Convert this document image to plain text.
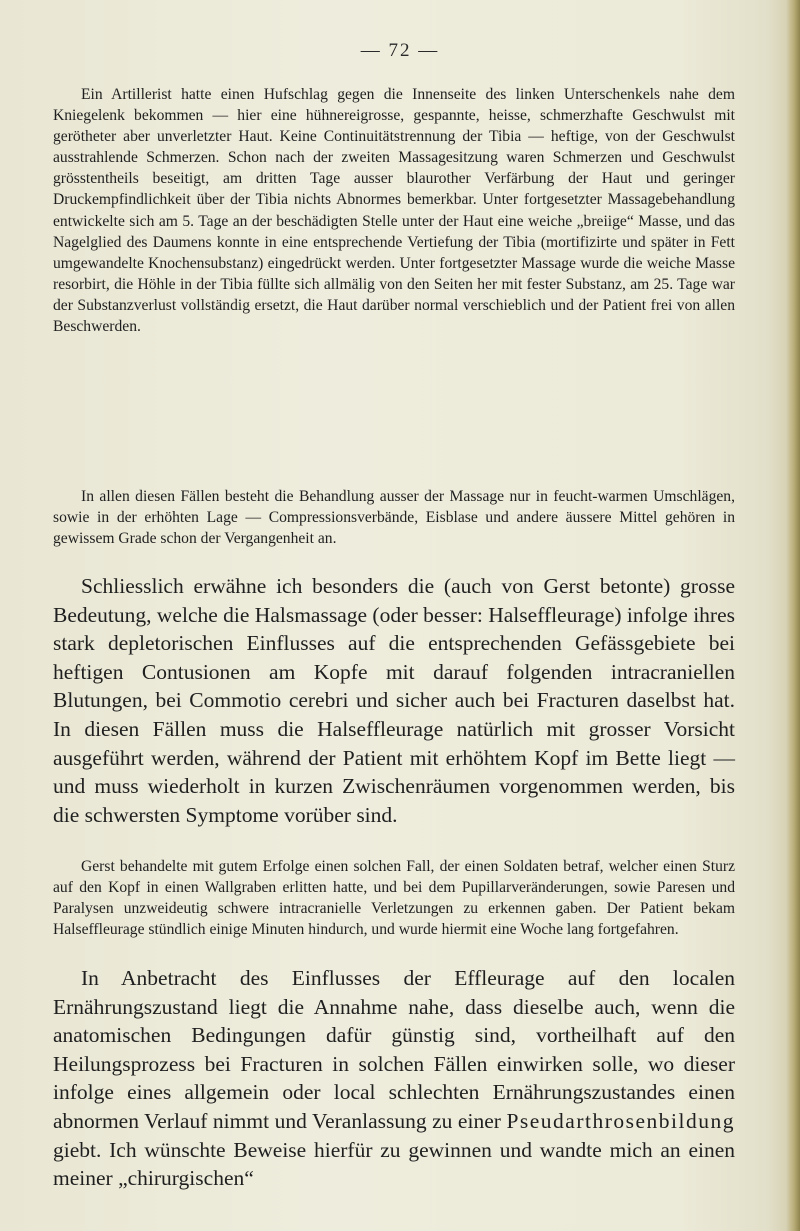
— 72 —

Ein Artillerist hatte einen Hufschlag gegen die Innenseite des linken Unterschenkels nahe dem Kniegelenk bekommen — hier eine hühnereigrosse, gespannte, heisse, schmerzhafte Geschwulst mit gerötheter aber unverletzter Haut. Keine Continuitätstrennung der Tibia — heftige, von der Geschwulst ausstrahlende Schmerzen. Schon nach der zweiten Massagesitzung waren Schmerzen und Geschwulst grösstentheils beseitigt, am dritten Tage ausser blaurother Verfärbung der Haut und geringer Druckempfindlichkeit über der Tibia nichts Abnormes bemerkbar. Unter fortgesetzter Massagebehandlung entwickelte sich am 5. Tage an der beschädigten Stelle unter der Haut eine weiche „breiige“ Masse, und das Nagelglied des Daumens konnte in eine entsprechende Vertiefung der Tibia (mortifizirte und später in Fett umgewandelte Knochensubstanz) eingedrückt werden. Unter fortgesetzter Massage wurde die weiche Masse resorbirt, die Höhle in der Tibia füllte sich allmälig von den Seiten her mit fester Substanz, am 25. Tage war der Substanzverlust vollständig ersetzt, die Haut darüber normal verschieblich und der Patient frei von allen Beschwerden.

In allen diesen Fällen besteht die Behandlung ausser der Massage nur in feucht-warmen Umschlägen, sowie in der erhöhten Lage — Compressionsverbände, Eisblase und andere äussere Mittel gehören in gewissem Grade schon der Vergangenheit an.

Schliesslich erwähne ich besonders die (auch von Gerst betonte) grosse Bedeutung, welche die Halsmassage (oder besser: Halseffleurage) infolge ihres stark depletorischen Einflusses auf die entsprechenden Gefässgebiete bei heftigen Contusionen am Kopfe mit darauf folgenden intracraniellen Blutungen, bei Commotio cerebri und sicher auch bei Fracturen daselbst hat. In diesen Fällen muss die Halseffleurage natürlich mit grosser Vorsicht ausgeführt werden, während der Patient mit erhöhtem Kopf im Bette liegt — und muss wiederholt in kurzen Zwischenräumen vorgenommen werden, bis die schwersten Symptome vorüber sind.

Gerst behandelte mit gutem Erfolge einen solchen Fall, der einen Soldaten betraf, welcher einen Sturz auf den Kopf in einen Wallgraben erlitten hatte, und bei dem Pupillarveränderungen, sowie Paresen und Paralysen unzweideutig schwere intracranielle Verletzungen zu erkennen gaben. Der Patient bekam Halseffleurage stündlich einige Minuten hindurch, und wurde hiermit eine Woche lang fortgefahren.

In Anbetracht des Einflusses der Effleurage auf den localen Ernährungszustand liegt die Annahme nahe, dass dieselbe auch, wenn die anatomischen Bedingungen dafür günstig sind, vortheilhaft auf den Heilungsprozess bei Fracturen in solchen Fällen einwirken solle, wo dieser infolge eines allgemein oder local schlechten Ernährungszustandes einen abnormen Verlauf nimmt und Veranlassung zu einer Pseudarthrosenbildung giebt. Ich wünschte Beweise hierfür zu gewinnen und wandte mich an einen meiner „chirurgischen“
